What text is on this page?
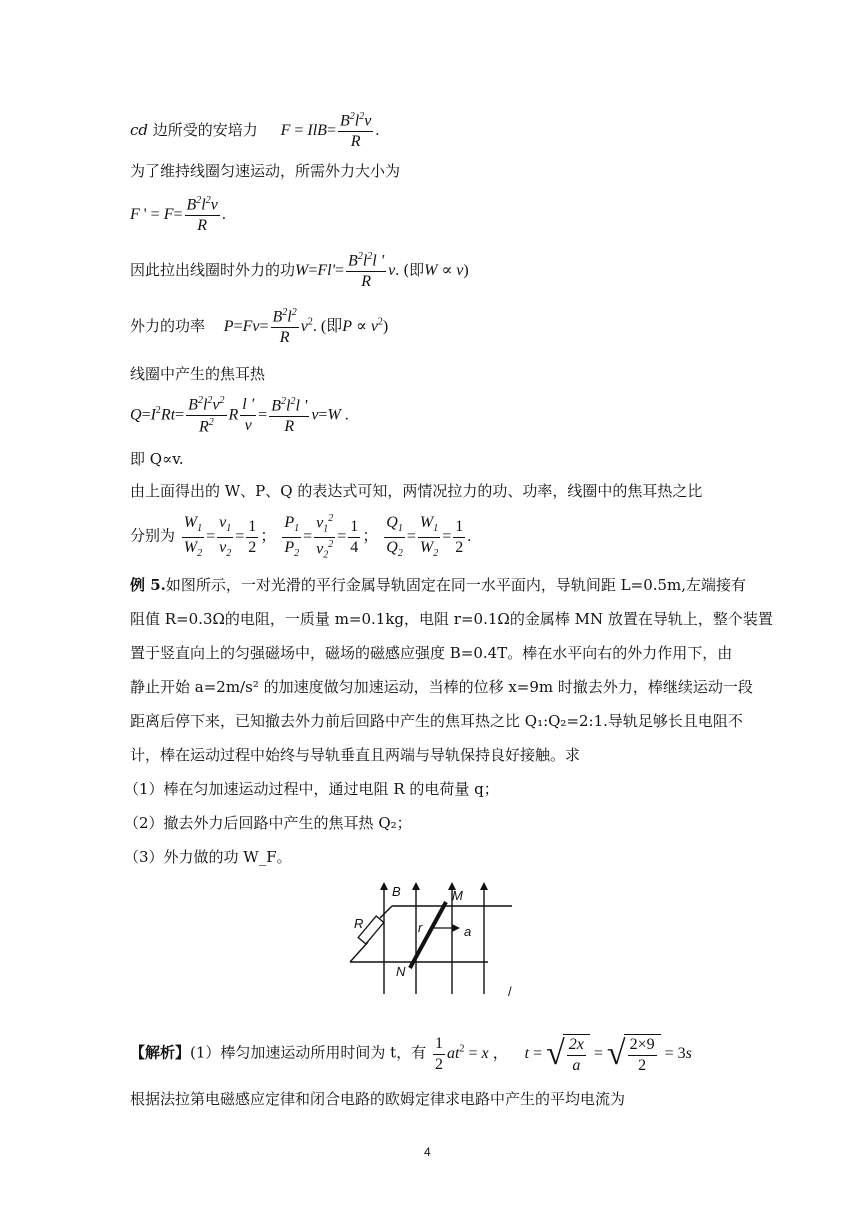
cd 边所受的安培力 $F = IlB= \frac{B^2l^2v}{R}$ .
为了维持线圈匀速运动，所需外力大小为
F ' = $F= \frac{B^2l^2v}{R}$ .
因此拉出线圈时外力的功$W=Fl'= \frac{B^2l^2l '}{R} v$. (即W ∝ v)
外力的功率 $P=Fv= \frac{B^2l^2}{R} v^2$. (即$P \propto v^2$)
线圈中产生的焦耳热
$Q=I^2Rt= \frac{B^2l^2v^2}{R^2}$ R $\frac{l '}{v} = \frac{B^2l^2l '}{R} v=W$ .
即 Q∝v.
由上面得出的 W、P、Q 的表达式可知，两情况拉力的功、功率，线圈中的焦耳热之比
分别为 $\frac{W_1}{W_2} = \frac{v_1}{v_2} = \frac{1}{2}$ ； $\frac{P_1}{P_2} = \frac{v_1^2}{v_2^2} = \frac{1}{4}$ ； $\frac{Q_1}{Q_2} = \frac{W_1}{W_2} = \frac{1}{2}$ .
例 5.如图所示，一对光滑的平行金属导轨固定在同一水平面内，导轨间距 L=0.5m,左端接有
阻值 R=0.3Ω的电阻，一质量 m=0.1kg，电阻 r=0.1Ω的金属棒 MN 放置在导轨上，整个装置
置于竖直向上的匀强磁场中，磁场的磁感应强度 B=0.4T。棒在水平向右的外力作用下，由
静止开始 a=2m/s² 的加速度做匀加速运动，当棒的位移 x=9m 时撤去外力，棒继续运动一段
距离后停下来，已知撤去外力前后回路中产生的焦耳热之比 Q₁:Q₂=2:1.导轨足够长且电阻不
计，棒在运动过程中始终与导轨垂直且两端与导轨保持良好接触。求
（1）棒在匀加速运动过程中，通过电阻 R 的电荷量 q；
（2）撤去外力后回路中产生的焦耳热 Q₂；
（3）外力做的功 W_F。
B	M
R	r	a
N
/
【解析】(1）棒匀加速运动所用时间为 t，有 $\frac{1}{2} at^2 = x$ ， t = √ $\frac{2x}{a}$ = √ $\frac{2\times 9}{2} = 3s$
根据法拉第电磁感应定律和闭合电路的欧姆定律求电路中产生的平均电流为
4
